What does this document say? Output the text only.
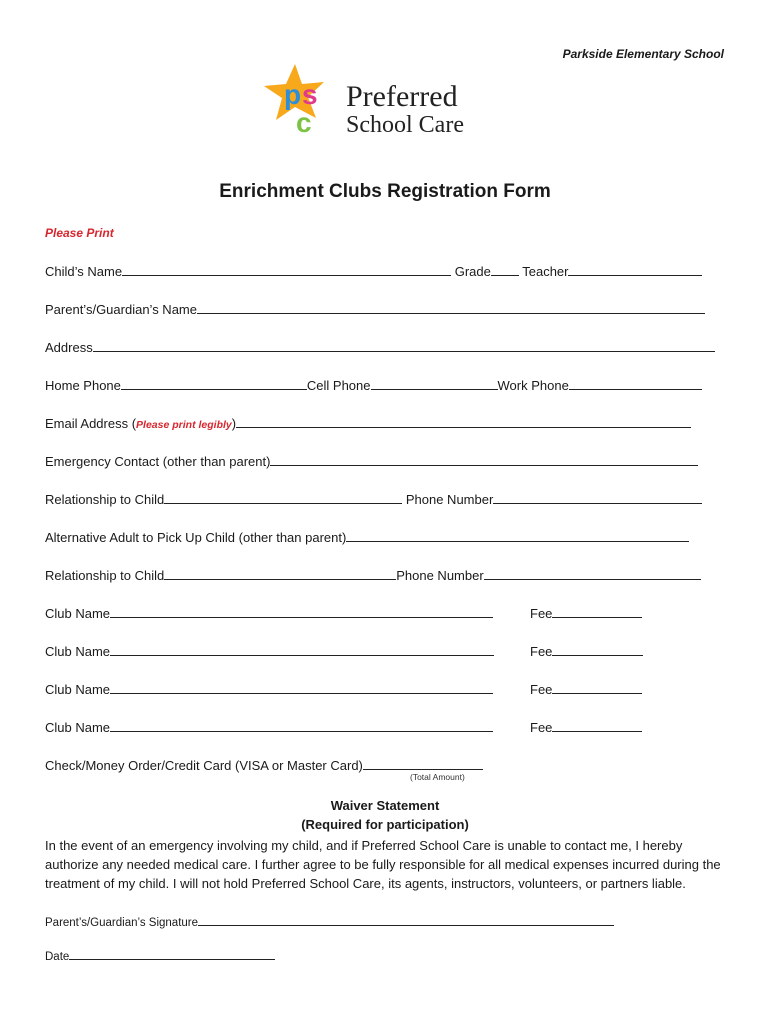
Parkside Elementary School
p s
c
Preferred
School Care
Enrichment Clubs Registration Form
Please Print
Child’s Name	Grade Teacher
Parent’s/Guardian’s Name
Address
Home Phone	Cell Phone	Work Phone
Email Address (Please print legibly)
Emergency Contact (other than parent)
Relationship to Child	Phone Number
Alternative Adult to Pick Up Child (other than parent)
Relationship to Child	Phone Number
Club Name	Fee
Club Name	Fee
Club Name	Fee
Club Name	Fee
Check/Money Order/Credit Card (VISA or Master Card)
(Total Amount)
Waiver Statement
(Required for participation)
In the event of an emergency involving my child, and if Preferred School Care is unable to contact me, I hereby authorize any needed medical care. I further agree to be fully responsible for all medical expenses incurred during the treatment of my child. I will not hold Preferred School Care, its agents, instructors, volunteers, or partners liable.
Parent’s/Guardian’s Signature
Date
